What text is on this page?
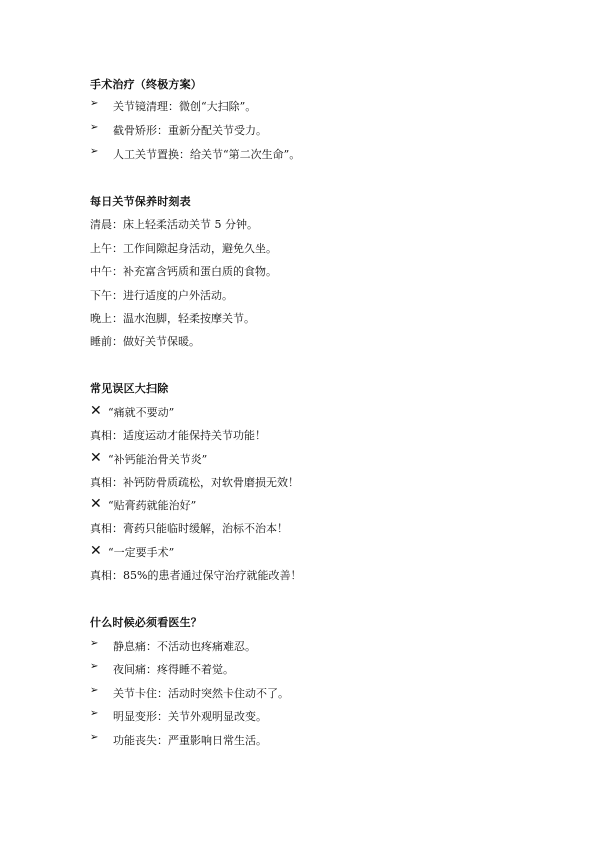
手术治疗（终极方案）
➢ 关节镜清理：微创“大扫除”。
➢ 截骨矫形：重新分配关节受力。
➢ 人工关节置换：给关节“第二次生命”。
每日关节保养时刻表
清晨：床上轻柔活动关节 5 分钟。
上午：工作间隙起身活动，避免久坐。
中午：补充富含钙质和蛋白质的食物。
下午：进行适度的户外活动。
晚上：温水泡脚，轻柔按摩关节。
睡前：做好关节保暖。
常见误区大扫除
✕ “痛就不要动”
真相：适度运动才能保持关节功能！
✕ “补钙能治骨关节炎”
真相：补钙防骨质疏松，对软骨磨损无效！
✕ “贴膏药就能治好”
真相：膏药只能临时缓解，治标不治本！
✕ “一定要手术”
真相：85%的患者通过保守治疗就能改善！
什么时候必须看医生？
➢ 静息痛：不活动也疼痛难忍。
➢ 夜间痛：疼得睡不着觉。
➢ 关节卡住：活动时突然卡住动不了。
➢ 明显变形：关节外观明显改变。
➢ 功能丧失：严重影响日常生活。
